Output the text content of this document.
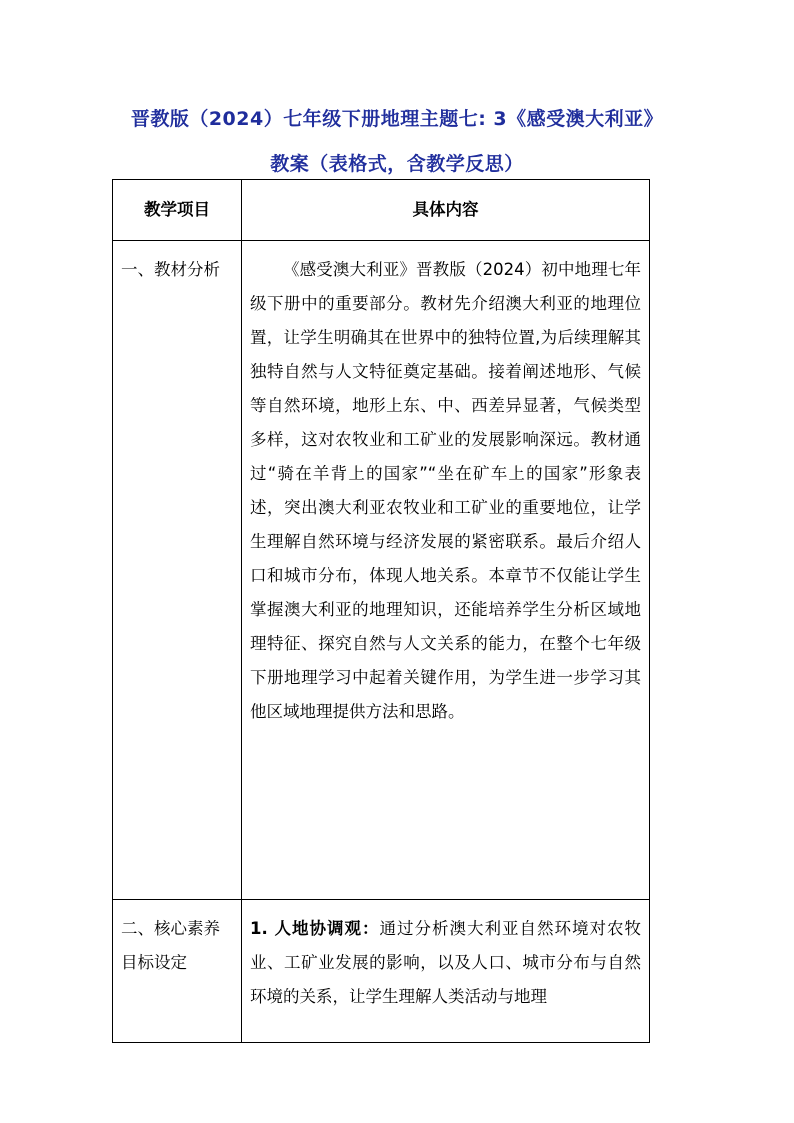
晋教版（2024）七年级下册地理主题七: 3《感受澳大利亚》
教案（表格式，含教学反思）
教学项目	具体内容
一、教材分析	《感受澳大利亚》晋教版（2024）初中地理七年级下册中的重要部分。教材先介绍澳大利亚的地理位置，让学生明确其在世界中的独特位置,为后续理解其独特自然与人文特征奠定基础。接着阐述地形、气候等自然环境，地形上东、中、西差异显著，气候类型多样，这对农牧业和工矿业的发展影响深远。教材通过“骑在羊背上的国家”“坐在矿车上的国家”形象表述，突出澳大利亚农牧业和工矿业的重要地位，让学生理解自然环境与经济发展的紧密联系。最后介绍人口和城市分布，体现人地关系。本章节不仅能让学生掌握澳大利亚的地理知识，还能培养学生分析区域地理特征、探究自然与人文关系的能力，在整个七年级下册地理学习中起着关键作用，为学生进一步学习其他区域地理提供方法和思路。

二、核心素养目标设定	1. 人地协调观：通过分析澳大利亚自然环境对农牧业、工矿业发展的影响，以及人口、城市分布与自然环境的关系，让学生理解人类活动与地理
